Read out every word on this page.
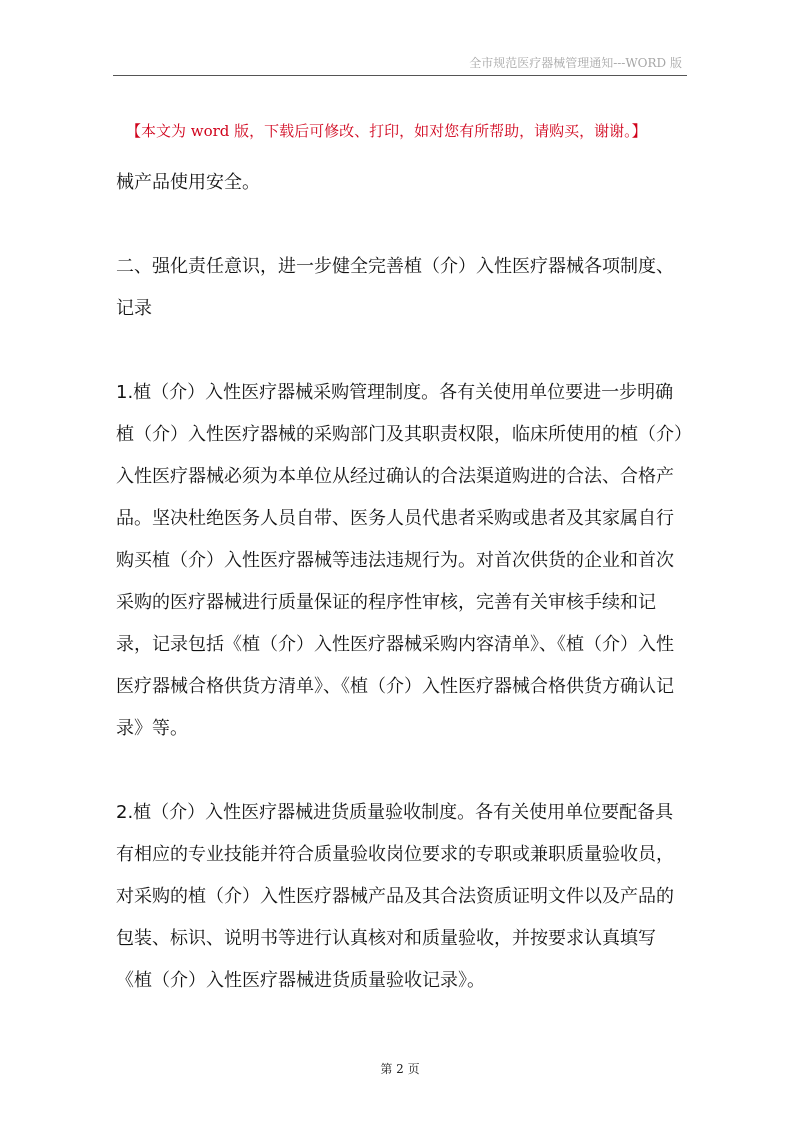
全市规范医疗器械管理通知---WORD 版
【本文为 word 版，下载后可修改、打印，如对您有所帮助，请购买，谢谢。】

械产品使用安全。

二、强化责任意识，进一步健全完善植（介）入性医疗器械各项制度、记录

1.植（介）入性医疗器械采购管理制度。各有关使用单位要进一步明确植（介）入性医疗器械的采购部门及其职责权限，临床所使用的植（介）入性医疗器械必须为本单位从经过确认的合法渠道购进的合法、合格产品。坚决杜绝医务人员自带、医务人员代患者采购或患者及其家属自行购买植（介）入性医疗器械等违法违规行为。对首次供货的企业和首次采购的医疗器械进行质量保证的程序性审核，完善有关审核手续和记录，记录包括《植（介）入性医疗器械采购内容清单》、《植（介）入性医疗器械合格供货方清单》、《植（介）入性医疗器械合格供货方确认记录》等。

2.植（介）入性医疗器械进货质量验收制度。各有关使用单位要配备具有相应的专业技能并符合质量验收岗位要求的专职或兼职质量验收员，对采购的植（介）入性医疗器械产品及其合法资质证明文件以及产品的包装、标识、说明书等进行认真核对和质量验收，并按要求认真填写《植（介）入性医疗器械进货质量验收记录》。

第 2 页
